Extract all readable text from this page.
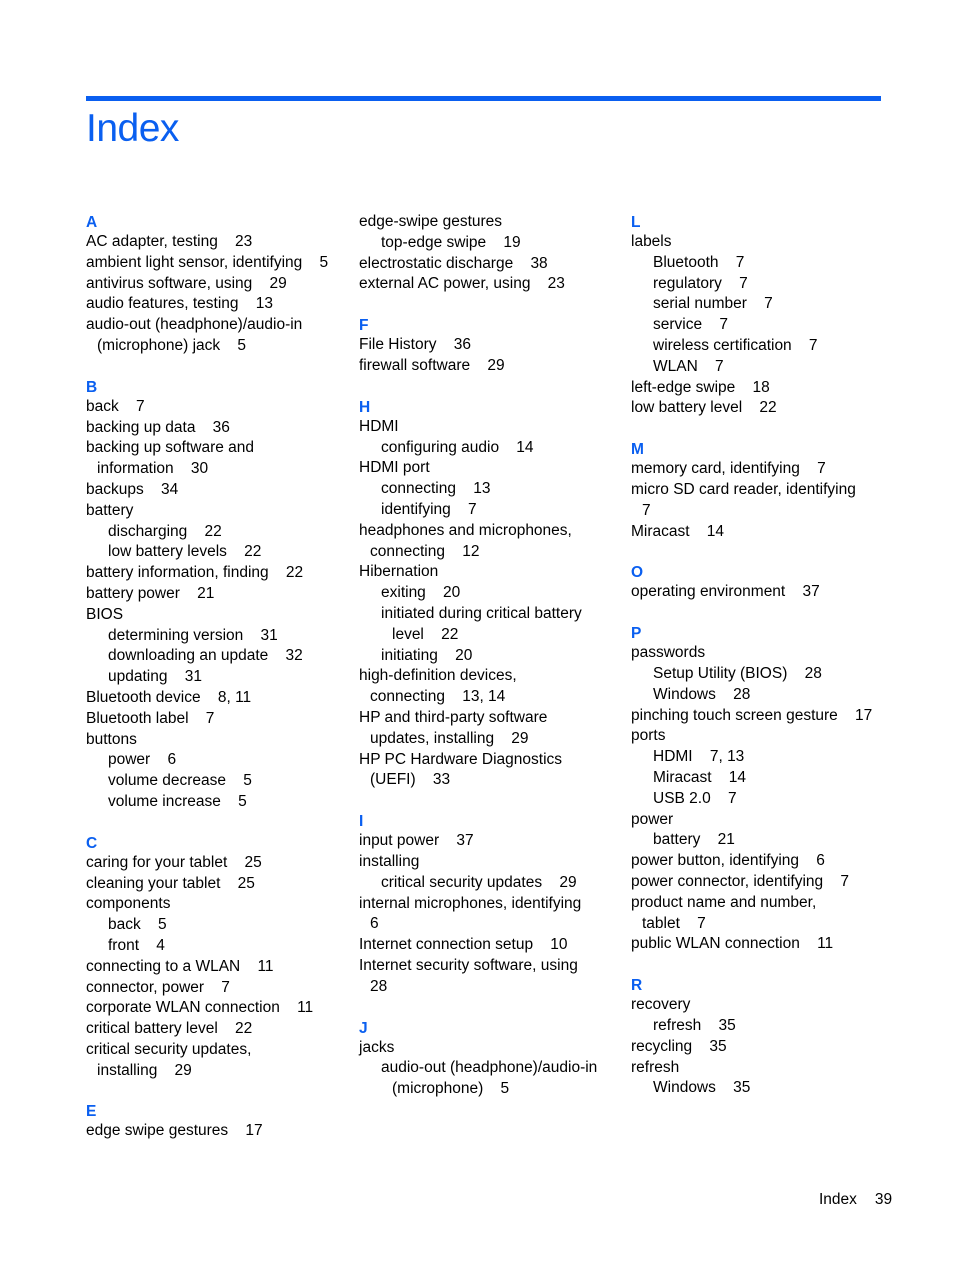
Index
A
AC adapter, testing    23
ambient light sensor, identifying    5
antivirus software, using    29
audio features, testing    13
audio-out (headphone)/audio-in
(microphone) jack    5
B
back    7
backing up data    36
backing up software and
information    30
backups    34
battery
discharging    22
low battery levels    22
battery information, finding    22
battery power    21
BIOS
determining version    31
downloading an update    32
updating    31
Bluetooth device    8, 11
Bluetooth label    7
buttons
power    6
volume decrease    5
volume increase    5
C
caring for your tablet    25
cleaning your tablet    25
components
back    5
front    4
connecting to a WLAN    11
connector, power    7
corporate WLAN connection    11
critical battery level    22
critical security updates,
installing    29
E
edge swipe gestures    17
edge-swipe gestures
top-edge swipe    19
electrostatic discharge    38
external AC power, using    23
F
File History    36
firewall software    29
H
HDMI
configuring audio    14
HDMI port
connecting    13
identifying    7
headphones and microphones,
connecting    12
Hibernation
exiting    20
initiated during critical battery
level    22
initiating    20
high-definition devices,
connecting    13, 14
HP and third-party software
updates, installing    29
HP PC Hardware Diagnostics
(UEFI)    33
I
input power    37
installing
critical security updates    29
internal microphones, identifying
6
Internet connection setup    10
Internet security software, using
28
J
jacks
audio-out (headphone)/audio-in
(microphone)    5
L
labels
Bluetooth    7
regulatory    7
serial number    7
service    7
wireless certification    7
WLAN    7
left-edge swipe    18
low battery level    22
M
memory card, identifying    7
micro SD card reader, identifying
7
Miracast    14
O
operating environment    37
P
passwords
Setup Utility (BIOS)    28
Windows    28
pinching touch screen gesture    17
ports
HDMI    7, 13
Miracast    14
USB 2.0    7
power
battery    21
power button, identifying    6
power connector, identifying    7
product name and number,
tablet    7
public WLAN connection    11
R
recovery
refresh    35
recycling    35
refresh
Windows    35
Index 39
